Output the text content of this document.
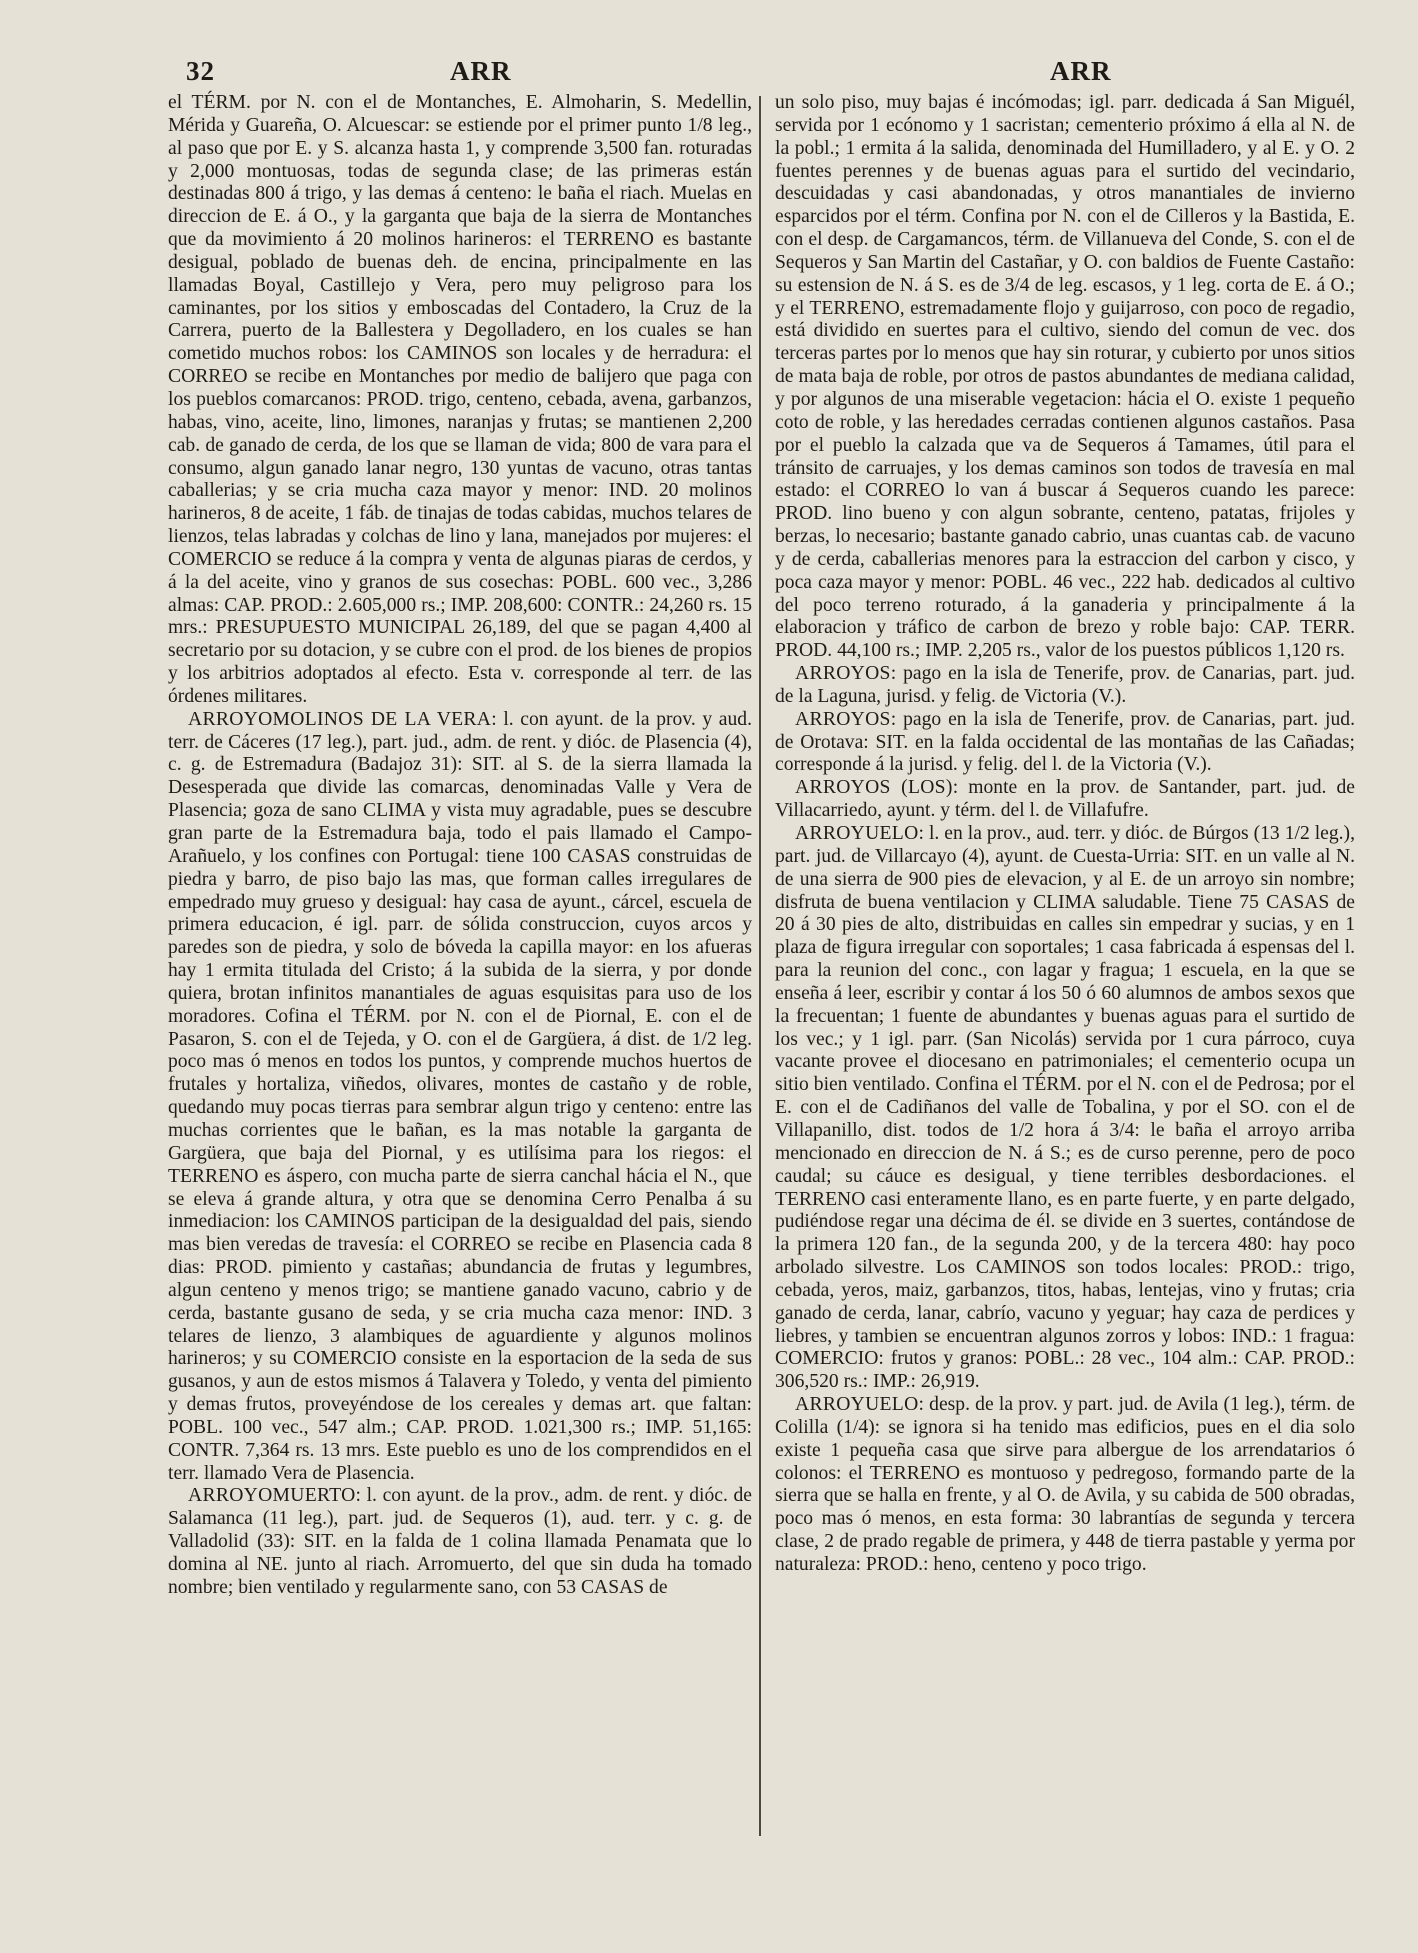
32	ARR	ARR

el TÉRM. por N. con el de Montanches, E. Almoharin, S. Medellin, Mérida y Guareña, O. Alcuescar: se estiende por el primer punto 1/8 leg., al paso que por E. y S. alcanza hasta 1, y comprende 3,500 fan. roturadas y 2,000 montuosas, todas de segunda clase; de las primeras están destinadas 800 á trigo, y las demas á centeno: le baña el riach. Muelas en direccion de E. á O., y la garganta que baja de la sierra de Montanches que da movimiento á 20 molinos harineros: el TERRENO es bastante desigual, poblado de buenas deh. de encina, principalmente en las llamadas Boyal, Castillejo y Vera, pero muy peligroso para los caminantes, por los sitios y emboscadas del Contadero, la Cruz de la Carrera, puerto de la Ballestera y Degolladero, en los cuales se han cometido muchos robos: los CAMINOS son locales y de herradura: el CORREO se recibe en Montanches por medio de balijero que paga con los pueblos comarcanos: PROD. trigo, centeno, cebada, avena, garbanzos, habas, vino, aceite, lino, limones, naranjas y frutas; se mantienen 2,200 cab. de ganado de cerda, de los que se llaman de vida; 800 de vara para el consumo, algun ganado lanar negro, 130 yuntas de vacuno, otras tantas caballerias; y se cria mucha caza mayor y menor: IND. 20 molinos harineros, 8 de aceite, 1 fáb. de tinajas de todas cabidas, muchos telares de lienzos, telas labradas y colchas de lino y lana, manejados por mujeres: el COMERCIO se reduce á la compra y venta de algunas piaras de cerdos, y á la del aceite, vino y granos de sus cosechas: POBL. 600 vec., 3,286 almas: CAP. PROD.: 2.605,000 rs.; IMP. 208,600: CONTR.: 24,260 rs. 15 mrs.: PRESUPUESTO MUNICIPAL 26,189, del que se pagan 4,400 al secretario por su dotacion, y se cubre con el prod. de los bienes de propios y los arbitrios adoptados al efecto. Esta v. corresponde al terr. de las órdenes militares.

ARROYOMOLINOS DE LA VERA: l. con ayunt. de la prov. y aud. terr. de Cáceres (17 leg.), part. jud., adm. de rent. y dióc. de Plasencia (4), c. g. de Estremadura (Badajoz 31): SIT. al S. de la sierra llamada la Desesperada que divide las comarcas, denominadas Valle y Vera de Plasencia; goza de sano CLIMA y vista muy agradable, pues se descubre gran parte de la Estremadura baja, todo el pais llamado el Campo-Arañuelo, y los confines con Portugal: tiene 100 CASAS construidas de piedra y barro, de piso bajo las mas, que forman calles irregulares de empedrado muy grueso y desigual: hay casa de ayunt., cárcel, escuela de primera educacion, é igl. parr. de sólida construccion, cuyos arcos y paredes son de piedra, y solo de bóveda la capilla mayor: en los afueras hay 1 ermita titulada del Cristo; á la subida de la sierra, y por donde quiera, brotan infinitos manantiales de aguas esquisitas para uso de los moradores. Cofina el TÉRM. por N. con el de Piornal, E. con el de Pasaron, S. con el de Tejeda, y O. con el de Gargüera, á dist. de 1/2 leg. poco mas ó menos en todos los puntos, y comprende muchos huertos de frutales y hortaliza, viñedos, olivares, montes de castaño y de roble, quedando muy pocas tierras para sembrar algun trigo y centeno: entre las muchas corrientes que le bañan, es la mas notable la garganta de Gargüera, que baja del Piornal, y es utilísima para los riegos: el TERRENO es áspero, con mucha parte de sierra canchal hácia el N., que se eleva á grande altura, y otra que se denomina Cerro Penalba á su inmediacion: los CAMINOS participan de la desigualdad del pais, siendo mas bien veredas de travesía: el CORREO se recibe en Plasencia cada 8 dias: PROD. pimiento y castañas; abundancia de frutas y legumbres, algun centeno y menos trigo; se mantiene ganado vacuno, cabrio y de cerda, bastante gusano de seda, y se cria mucha caza menor: IND. 3 telares de lienzo, 3 alambiques de aguardiente y algunos molinos harineros; y su COMERCIO consiste en la esportacion de la seda de sus gusanos, y aun de estos mismos á Talavera y Toledo, y venta del pimiento y demas frutos, proveyéndose de los cereales y demas art. que faltan: POBL. 100 vec., 547 alm.; CAP. PROD. 1.021,300 rs.; IMP. 51,165: CONTR. 7,364 rs. 13 mrs. Este pueblo es uno de los comprendidos en el terr. llamado Vera de Plasencia.

ARROYOMUERTO: l. con ayunt. de la prov., adm. de rent. y dióc. de Salamanca (11 leg.), part. jud. de Sequeros (1), aud. terr. y c. g. de Valladolid (33): SIT. en la falda de 1 colina llamada Penamata que lo domina al NE. junto al riach. Arromuerto, del que sin duda ha tomado nombre; bien ventilado y regularmente sano, con 53 CASAS de

un solo piso, muy bajas é incómodas; igl. parr. dedicada á San Miguél, servida por 1 ecónomo y 1 sacristan; cementerio próximo á ella al N. de la pobl.; 1 ermita á la salida, denominada del Humilladero, y al E. y O. 2 fuentes perennes y de buenas aguas para el surtido del vecindario, descuidadas y casi abandonadas, y otros manantiales de invierno esparcidos por el térm. Confina por N. con el de Cilleros y la Bastida, E. con el desp. de Cargamancos, térm. de Villanueva del Conde, S. con el de Sequeros y San Martin del Castañar, y O. con baldios de Fuente Castaño: su estension de N. á S. es de 3/4 de leg. escasos, y 1 leg. corta de E. á O.; y el TERRENO, estremadamente flojo y guijarroso, con poco de regadio, está dividido en suertes para el cultivo, siendo del comun de vec. dos terceras partes por lo menos que hay sin roturar, y cubierto por unos sitios de mata baja de roble, por otros de pastos abundantes de mediana calidad, y por algunos de una miserable vegetacion: hácia el O. existe 1 pequeño coto de roble, y las heredades cerradas contienen algunos castaños. Pasa por el pueblo la calzada que va de Sequeros á Tamames, útil para el tránsito de carruajes, y los demas caminos son todos de travesía en mal estado: el CORREO lo van á buscar á Sequeros cuando les parece: PROD. lino bueno y con algun sobrante, centeno, patatas, frijoles y berzas, lo necesario; bastante ganado cabrio, unas cuantas cab. de vacuno y de cerda, caballerias menores para la estraccion del carbon y cisco, y poca caza mayor y menor: POBL. 46 vec., 222 hab. dedicados al cultivo del poco terreno roturado, á la ganaderia y principalmente á la elaboracion y tráfico de carbon de brezo y roble bajo: CAP. TERR. PROD. 44,100 rs.; IMP. 2,205 rs., valor de los puestos públicos 1,120 rs.

ARROYOS: pago en la isla de Tenerife, prov. de Canarias, part. jud. de la Laguna, jurisd. y felig. de Victoria (V.).

ARROYOS: pago en la isla de Tenerife, prov. de Canarias, part. jud. de Orotava: SIT. en la falda occidental de las montañas de las Cañadas; corresponde á la jurisd. y felig. del l. de la Victoria (V.).

ARROYOS (LOS): monte en la prov. de Santander, part. jud. de Villacarriedo, ayunt. y térm. del l. de Villafufre.

ARROYUELO: l. en la prov., aud. terr. y dióc. de Búrgos (13 1/2 leg.), part. jud. de Villarcayo (4), ayunt. de Cuesta-Urria: SIT. en un valle al N. de una sierra de 900 pies de elevacion, y al E. de un arroyo sin nombre; disfruta de buena ventilacion y CLIMA saludable. Tiene 75 CASAS de 20 á 30 pies de alto, distribuidas en calles sin empedrar y sucias, y en 1 plaza de figura irregular con soportales; 1 casa fabricada á espensas del l. para la reunion del conc., con lagar y fragua; 1 escuela, en la que se enseña á leer, escribir y contar á los 50 ó 60 alumnos de ambos sexos que la frecuentan; 1 fuente de abundantes y buenas aguas para el surtido de los vec.; y 1 igl. parr. (San Nicolás) servida por 1 cura párroco, cuya vacante provee el diocesano en patrimoniales; el cementerio ocupa un sitio bien ventilado. Confina el TÉRM. por el N. con el de Pedrosa; por el E. con el de Cadiñanos del valle de Tobalina, y por el SO. con el de Villapanillo, dist. todos de 1/2 hora á 3/4: le baña el arroyo arriba mencionado en direccion de N. á S.; es de curso perenne, pero de poco caudal; su cáuce es desigual, y tiene terribles desbordaciones. el TERRENO casi enteramente llano, es en parte fuerte, y en parte delgado, pudiéndose regar una décima de él. se divide en 3 suertes, contándose de la primera 120 fan., de la segunda 200, y de la tercera 480: hay poco arbolado silvestre. Los CAMINOS son todos locales: PROD.: trigo, cebada, yeros, maiz, garbanzos, titos, habas, lentejas, vino y frutas; cria ganado de cerda, lanar, cabrío, vacuno y yeguar; hay caza de perdices y liebres, y tambien se encuentran algunos zorros y lobos: IND.: 1 fragua: COMERCIO: frutos y granos: POBL.: 28 vec., 104 alm.: CAP. PROD.: 306,520 rs.: IMP.: 26,919.

ARROYUELO: desp. de la prov. y part. jud. de Avila (1 leg.), térm. de Colilla (1/4): se ignora si ha tenido mas edificios, pues en el dia solo existe 1 pequeña casa que sirve para albergue de los arrendatarios ó colonos: el TERRENO es montuoso y pedregoso, formando parte de la sierra que se halla en frente, y al O. de Avila, y su cabida de 500 obradas, poco mas ó menos, en esta forma: 30 labrantías de segunda y tercera clase, 2 de prado regable de primera, y 448 de tierra pastable y yerma por naturaleza: PROD.: heno, centeno y poco trigo.
